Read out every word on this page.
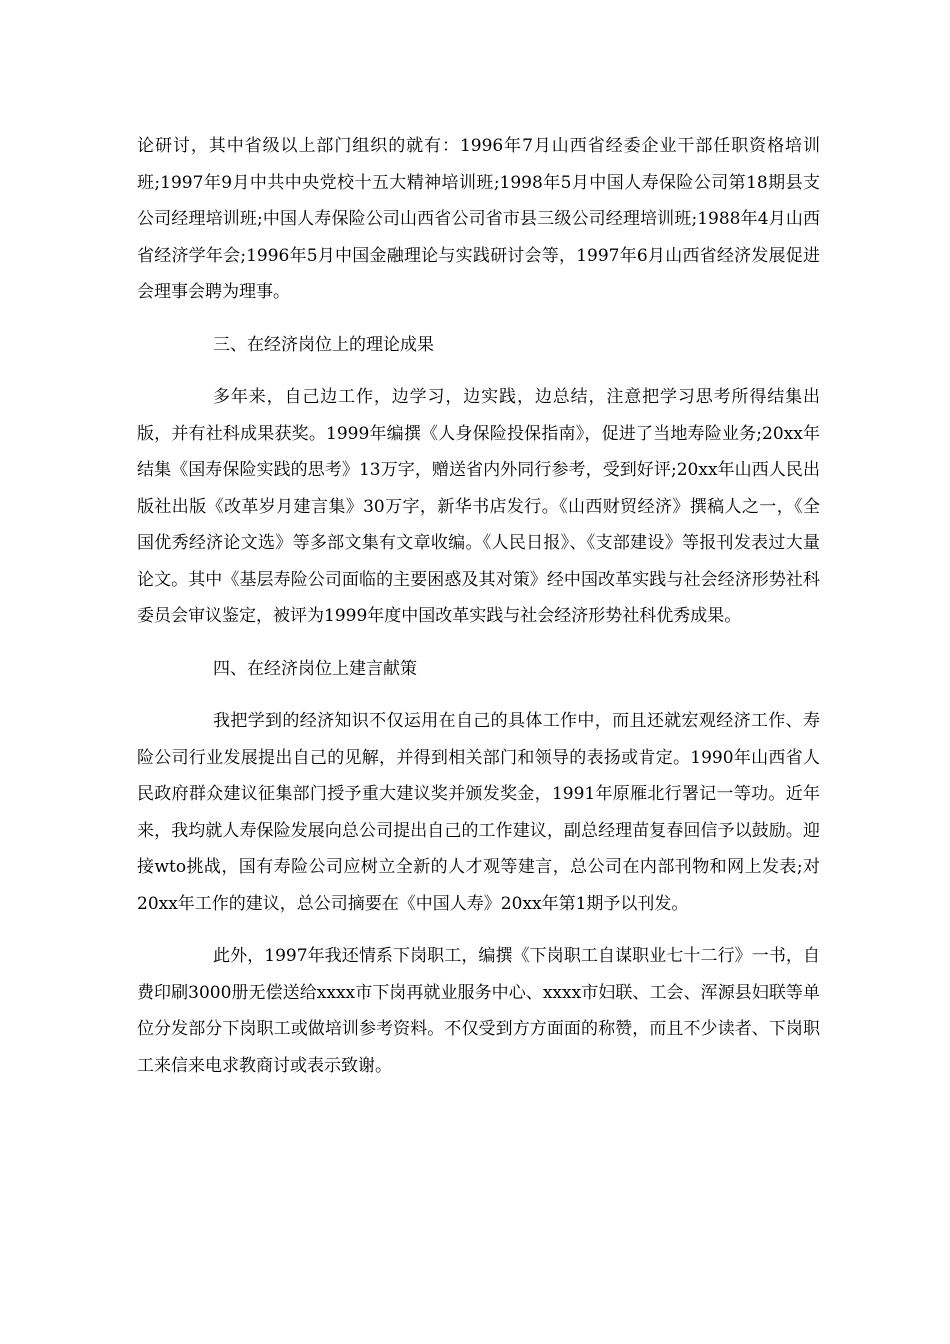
论研讨，其中省级以上部门组织的就有：1996年7月山西省经委企业干部任职资格培训班;1997年9月中共中央党校十五大精神培训班;1998年5月中国人寿保险公司第18期县支公司经理培训班;中国人寿保险公司山西省公司省市县三级公司经理培训班;1988年4月山西省经济学年会;1996年5月中国金融理论与实践研讨会等，1997年6月山西省经济发展促进会理事会聘为理事。

三、在经济岗位上的理论成果

多年来，自己边工作，边学习，边实践，边总结，注意把学习思考所得结集出版，并有社科成果获奖。1999年编撰《人身保险投保指南》，促进了当地寿险业务;20xx年结集《国寿保险实践的思考》13万字，赠送省内外同行参考，受到好评;20xx年山西人民出版社出版《改革岁月建言集》30万字，新华书店发行。《山西财贸经济》撰稿人之一，《全国优秀经济论文选》等多部文集有文章收编。《人民日报》、《支部建设》等报刊发表过大量论文。其中《基层寿险公司面临的主要困惑及其对策》经中国改革实践与社会经济形势社科委员会审议鉴定，被评为1999年度中国改革实践与社会经济形势社科优秀成果。

四、在经济岗位上建言献策

我把学到的经济知识不仅运用在自己的具体工作中，而且还就宏观经济工作、寿险公司行业发展提出自己的见解，并得到相关部门和领导的表扬或肯定。1990年山西省人民政府群众建议征集部门授予重大建议奖并颁发奖金，1991年原雁北行署记一等功。近年来，我均就人寿保险发展向总公司提出自己的工作建议，副总经理苗复春回信予以鼓励。迎接wto挑战，国有寿险公司应树立全新的人才观等建言，总公司在内部刊物和网上发表;对20xx年工作的建议，总公司摘要在《中国人寿》20xx年第1期予以刊发。

此外，1997年我还情系下岗职工，编撰《下岗职工自谋职业七十二行》一书，自费印刷3000册无偿送给xxxx市下岗再就业服务中心、xxxx市妇联、工会、浑源县妇联等单位分发部分下岗职工或做培训参考资料。不仅受到方方面面的称赞，而且不少读者、下岗职工来信来电求教商讨或表示致谢。
